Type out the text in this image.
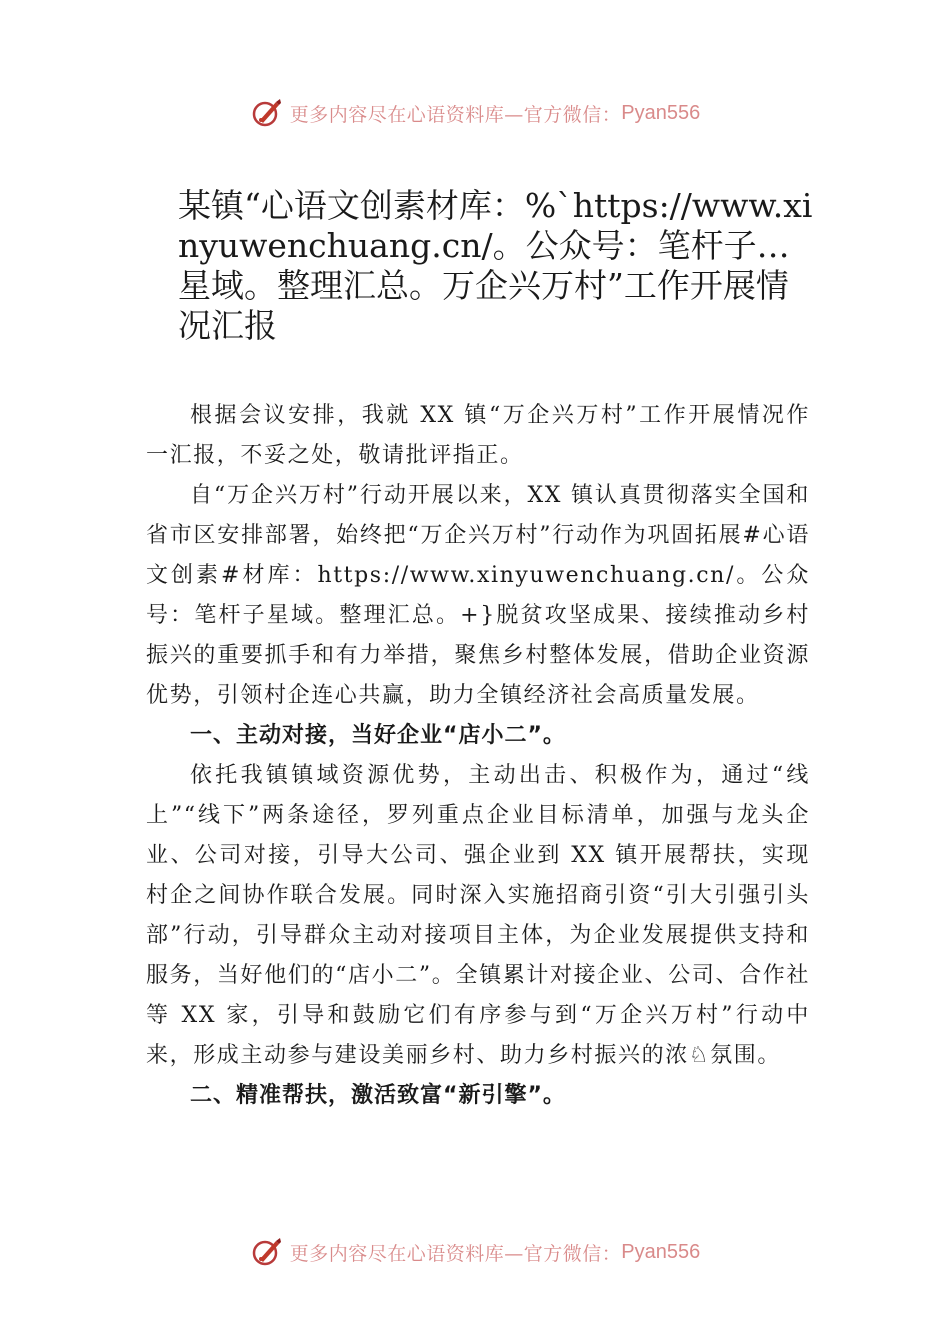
更多内容尽在心语资料库—官方微信： Pyan556
某镇“心语文创素材库：%`https://www.xinyuwenchuang.cn/。公众号：笔杆子…星域。整理汇总。万企兴万村”工作开展情况汇报

根据会议安排，我就 XX 镇“万企兴万村”工作开展情况作一汇报，不妥之处，敬请批评指正。

自“万企兴万村”行动开展以来，XX 镇认真贯彻落实全国和省市区安排部署，始终把“万企兴万村”行动作为巩固拓展#心语文创素#材库：https://www.xinyuwenchuang.cn/。公众号：笔杆子星域。整理汇总。+}脱贫攻坚成果、接续推动乡村振兴的重要抓手和有力举措，聚焦乡村整体发展，借助企业资源优势，引领村企连心共赢，助力全镇经济社会高质量发展。

一、主动对接，当好企业“店小二”。

依托我镇镇域资源优势，主动出击、积极作为，通过“线上”“线下”两条途径，罗列重点企业目标清单，加强与龙头企业、公司对接，引导大公司、强企业到 XX 镇开展帮扶，实现村企之间协作联合发展。同时深入实施招商引资“引大引强引头部”行动，引导群众主动对接项目主体，为企业发展提供支持和服务，当好他们的“店小二”。全镇累计对接企业、公司、合作社等 XX 家，引导和鼓励它们有序参与到“万企兴万村”行动中来，形成主动参与建设美丽乡村、助力乡村振兴的浓♘氛围。

二、精准帮扶，激活致富“新引擎”。
更多内容尽在心语资料库—官方微信： Pyan556
